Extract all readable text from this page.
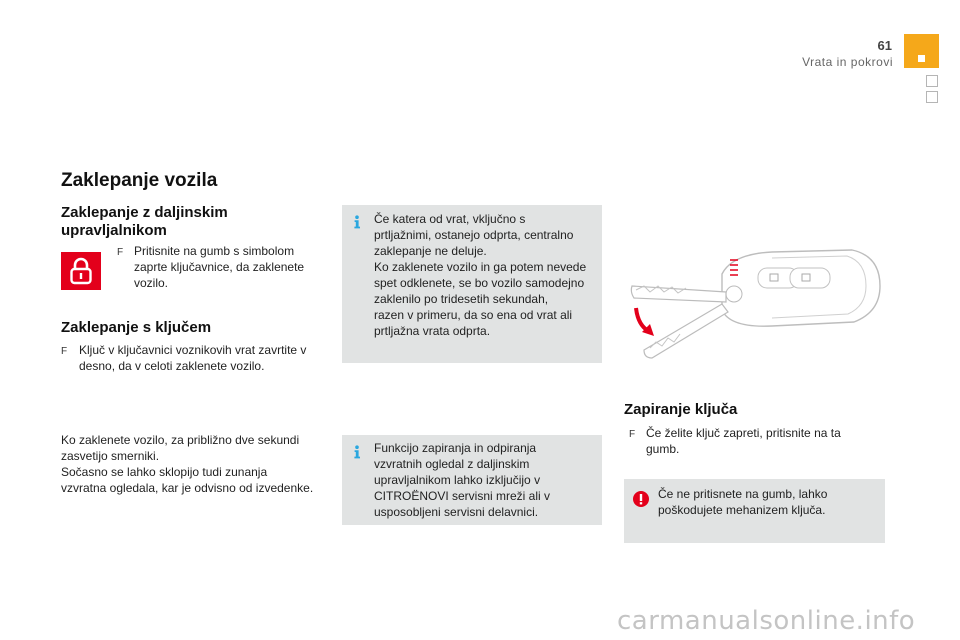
61
Vrata in pokrovi
Zaklepanje vozila
Zaklepanje z daljinskim
upravljalnikom
F Pritisnite na gumb s simbolom
zaprte ključavnice, da zaklenete
vozilo.
Zaklepanje s ključem
F Ključ v ključavnici voznikovih vrat zavrtite v
desno, da v celoti zaklenete vozilo.
Ko zaklenete vozilo, za približno dve sekundi
zasvetijo smerniki.
Sočasno se lahko sklopijo tudi zunanja
vzvratna ogledala, kar je odvisno od izvedenke.
Če katera od vrat, vključno s
prtljažnimi, ostanejo odprta, centralno
zaklepanje ne deluje.
Ko zaklenete vozilo in ga potem nevede
spet odklenete, se bo vozilo samodejno
zaklenilo po tridesetih sekundah,
razen v primeru, da so ena od vrat ali
prtljažna vrata odprta.
Funkcijo zapiranja in odpiranja
vzvratnih ogledal z daljinskim
upravljalnikom lahko izključijo v
CITROËNOVI servisni mreži ali v
usposobljeni servisni delavnici.
Zapiranje ključa
F Če želite ključ zapreti, pritisnite na ta
gumb.
Če ne pritisnete na gumb, lahko
poškodujete mehanizem ključa.
carmanualsonline.info
